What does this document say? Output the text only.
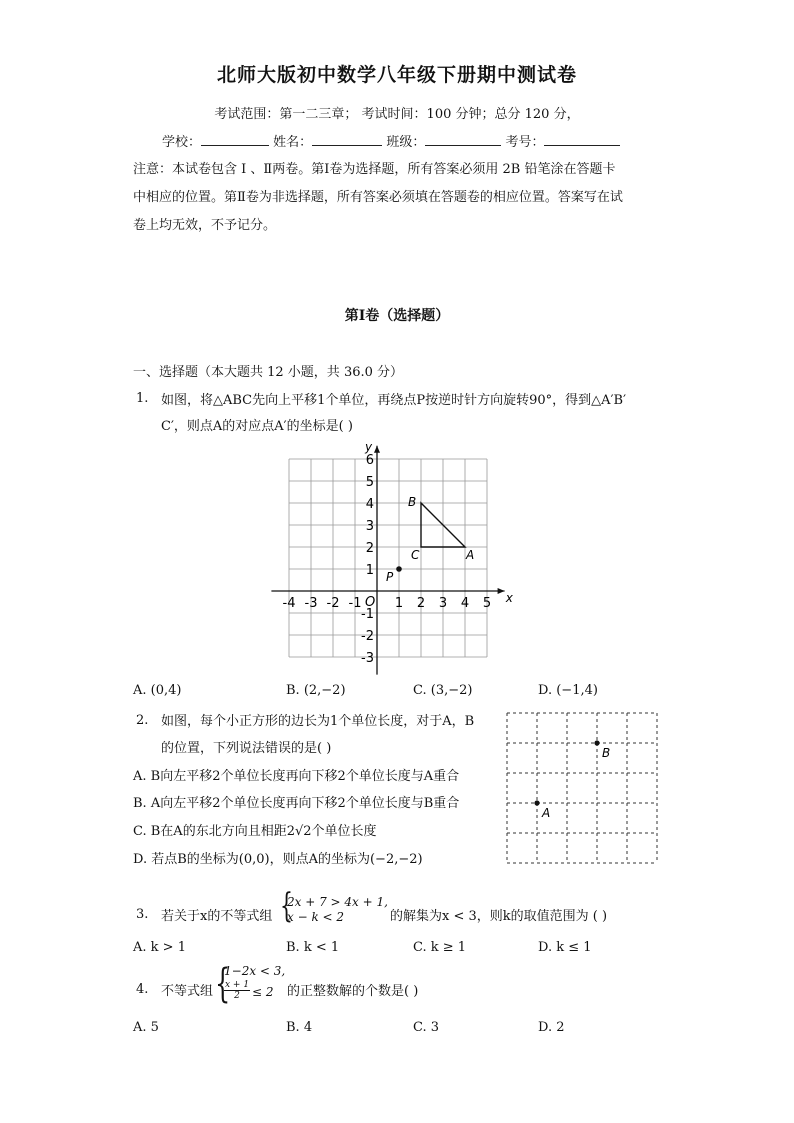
北师大版初中数学八年级下册期中测试卷
考试范围：第一二三章； 考试时间：100 分钟；总分 120 分，
学校：	姓名：	班级：	考号：
注意：本试卷包含 Ⅰ 、Ⅱ两卷。第Ⅰ卷为选择题，所有答案必须用 2B 铅笔涂在答题卡
中相应的位置。第Ⅱ卷为非选择题，所有答案必须填在答题卷的相应位置。答案写在试
卷上均无效，不予记分。
第Ⅰ卷（选择题）
一、选择题（本大题共 12 小题，共 36.0 分）
1. 如图，将△ABC先向上平移1个单位，再绕点P按逆时针方向旋转90°，得到△A′B′
C′，则点A的对应点A′的坐标是( )
x
y
O
-4 -3 -2 -1	1 2 3 4 5
6
5
4
3
2
1
-1
-2
-3
A
B
C
P
A. (0,4)	B. (2,−2)	C. (3,−2)	D. (−1,4)
2. 如图，每个小正方形的边长为1个单位长度，对于A，B
的位置，下列说法错误的是( )
A. B向左平移2个单位长度再向下移2个单位长度与A重合
B. A向左平移2个单位长度再向下移2个单位长度与B重合
C. B在A的东北方向且相距2√2个单位长度
D. 若点B的坐标为(0,0)，则点A的坐标为(−2,−2)
A
B
3. 若关于x的不等式组 {
2x + 7 > 4x + 1,
x − k < 2	的解集为x < 3，则k的取值范围为 ( )
A. k > 1	B. k < 1	C. k ≥ 1	D. k ≤ 1
4. 不等式组 {
1−2x < 3,
$\frac{x + 1}{2} \le 2$ 的正整数解的个数是( )
A. 5	B. 4	C. 3	D. 2
